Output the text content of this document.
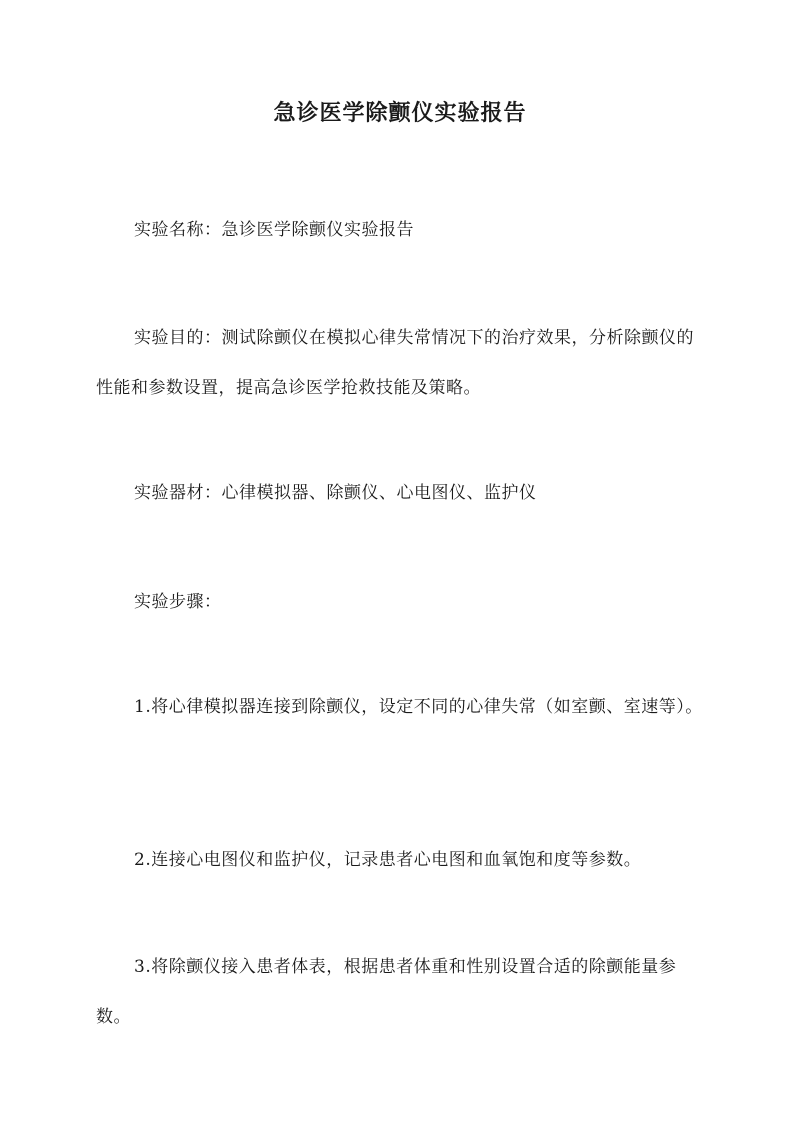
急诊医学除颤仪实验报告

实验名称：急诊医学除颤仪实验报告

实验目的：测试除颤仪在模拟心律失常情况下的治疗效果，分析除颤仪的性能和参数设置，提高急诊医学抢救技能及策略。

实验器材：心律模拟器、除颤仪、心电图仪、监护仪

实验步骤：

1.将心律模拟器连接到除颤仪，设定不同的心律失常（如室颤、室速等）。

2.连接心电图仪和监护仪，记录患者心电图和血氧饱和度等参数。

3.将除颤仪接入患者体表，根据患者体重和性别设置合适的除颤能量参数。
